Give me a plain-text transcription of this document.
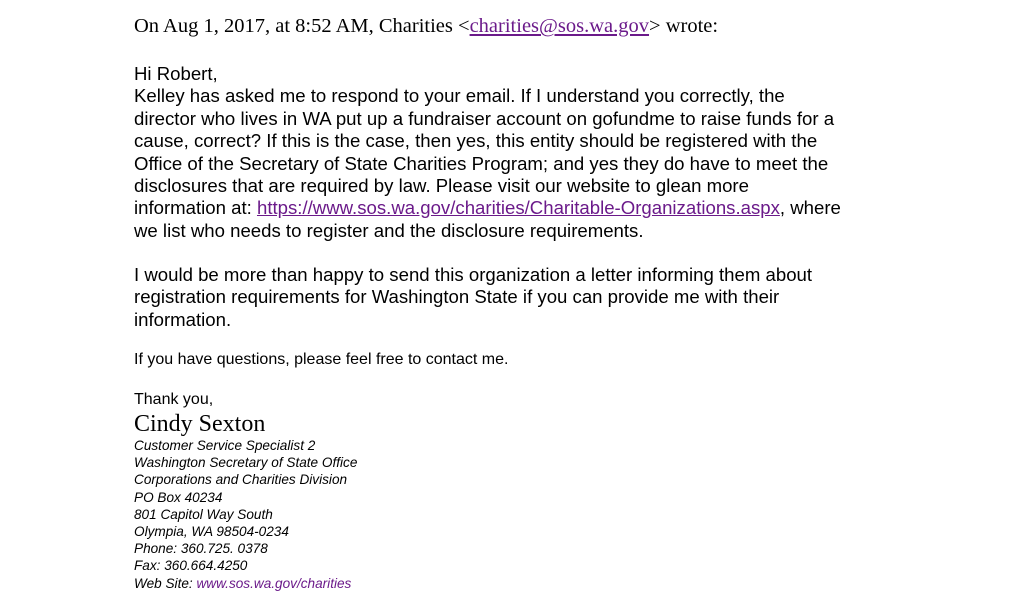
On Aug 1, 2017, at 8:52 AM, Charities <charities@sos.wa.gov> wrote:
Hi Robert,
Kelley has asked me to respond to your email. If I understand you correctly, the
director who lives in WA put up a fundraiser account on gofundme to raise funds for a
cause, correct? If this is the case, then yes, this entity should be registered with the
Office of the Secretary of State Charities Program; and yes they do have to meet the
disclosures that are required by law. Please visit our website to glean more
information at: https://www.sos.wa.gov/charities/Charitable-Organizations.aspx, where
we list who needs to register and the disclosure requirements.
I would be more than happy to send this organization a letter informing them about
registration requirements for Washington State if you can provide me with their
information.
If you have questions, please feel free to contact me.
Thank you,
Cindy Sexton
Customer Service Specialist 2
Washington Secretary of State Office
Corporations and Charities Division
PO Box 40234
801 Capitol Way South
Olympia, WA 98504-0234
Phone: 360.725. 0378
Fax: 360.664.4250
Web Site: www.sos.wa.gov/charities
